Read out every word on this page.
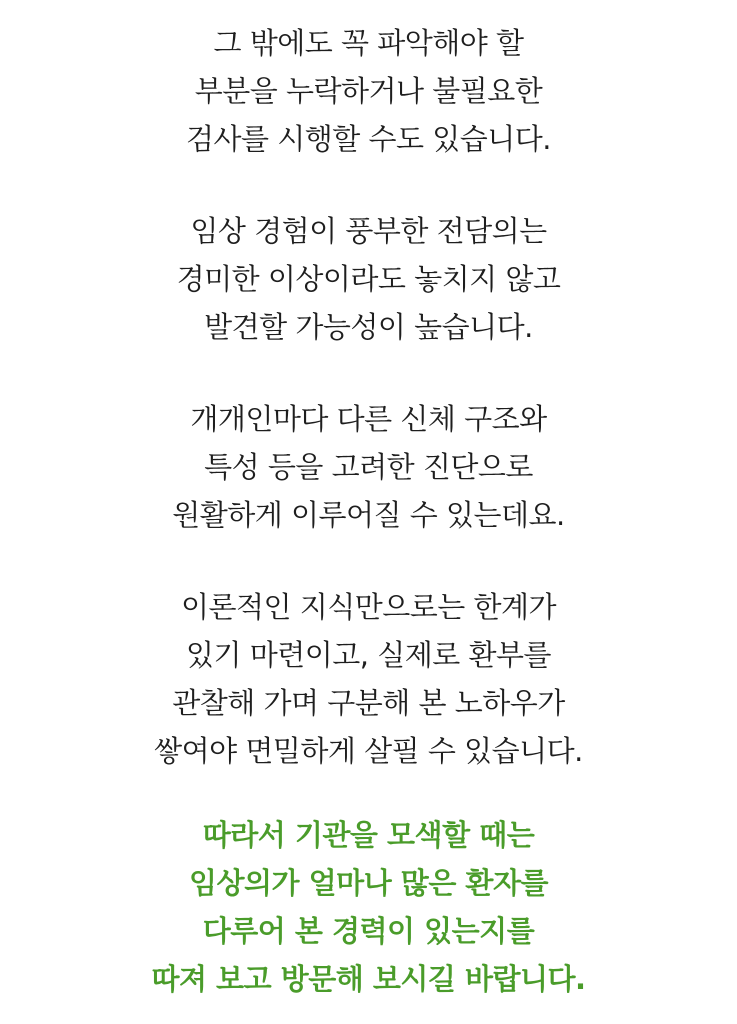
그 밖에도 꼭 파악해야 할
부분을 누락하거나 불필요한
검사를 시행할 수도 있습니다.
임상 경험이 풍부한 전담의는
경미한 이상이라도 놓치지 않고
발견할 가능성이 높습니다.
개개인마다 다른 신체 구조와
특성 등을 고려한 진단으로
원활하게 이루어질 수 있는데요.
이론적인 지식만으로는 한계가
있기 마련이고, 실제로 환부를
관찰해 가며 구분해 본 노하우가
쌓여야 면밀하게 살필 수 있습니다.
따라서 기관을 모색할 때는
임상의가 얼마나 많은 환자를
다루어 본 경력이 있는지를
따져 보고 방문해 보시길 바랍니다.
